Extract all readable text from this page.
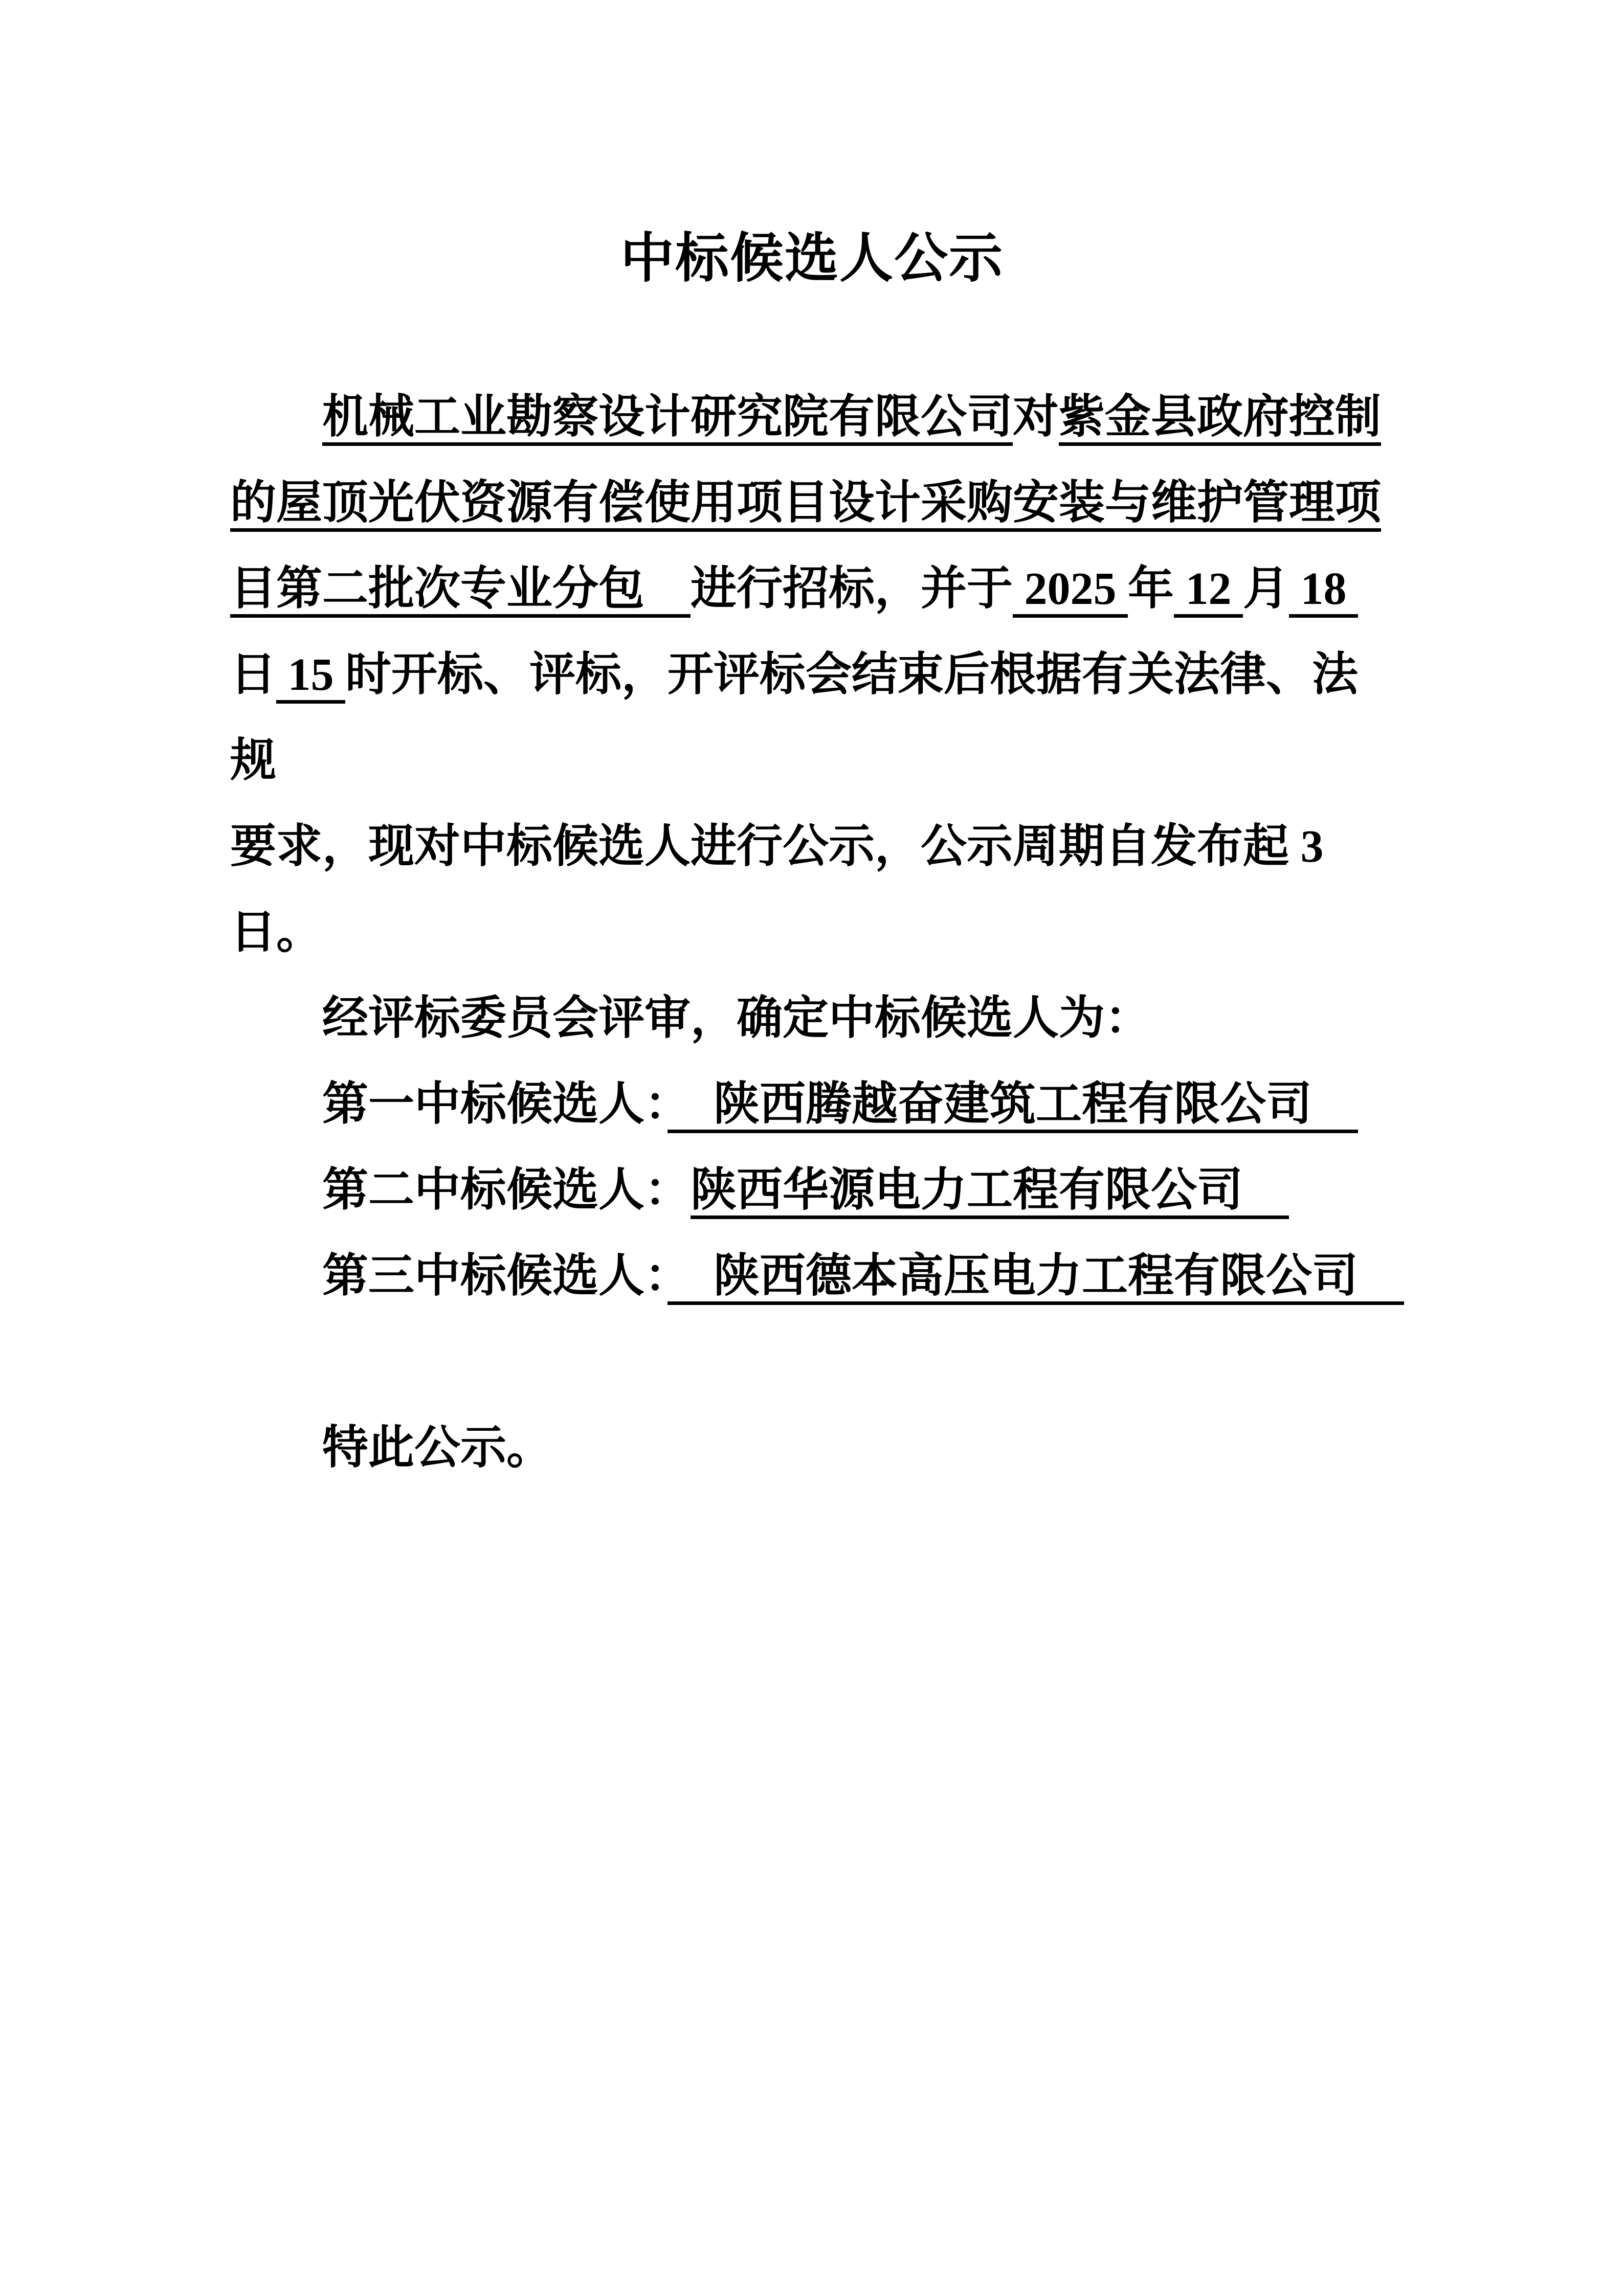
中标候选人公示

机械工业勘察设计研究院有限公司对紫金县政府控制

的屋顶光伏资源有偿使用项目设计采购安装与维护管理项

目第二批次专业分包　进行招标，并于 2025 年 12 月 18

日 15 时开标、评标，开评标会结束后根据有关法律、法规

要求，现对中标候选人进行公示，公示周期自发布起 3 日。

经评标委员会评审，确定中标候选人为：

第一中标候选人：　陕西腾越奋建筑工程有限公司　

第二中标候选人：陕西华源电力工程有限公司　

第三中标候选人：　陕西德本高压电力工程有限公司　

特此公示。
